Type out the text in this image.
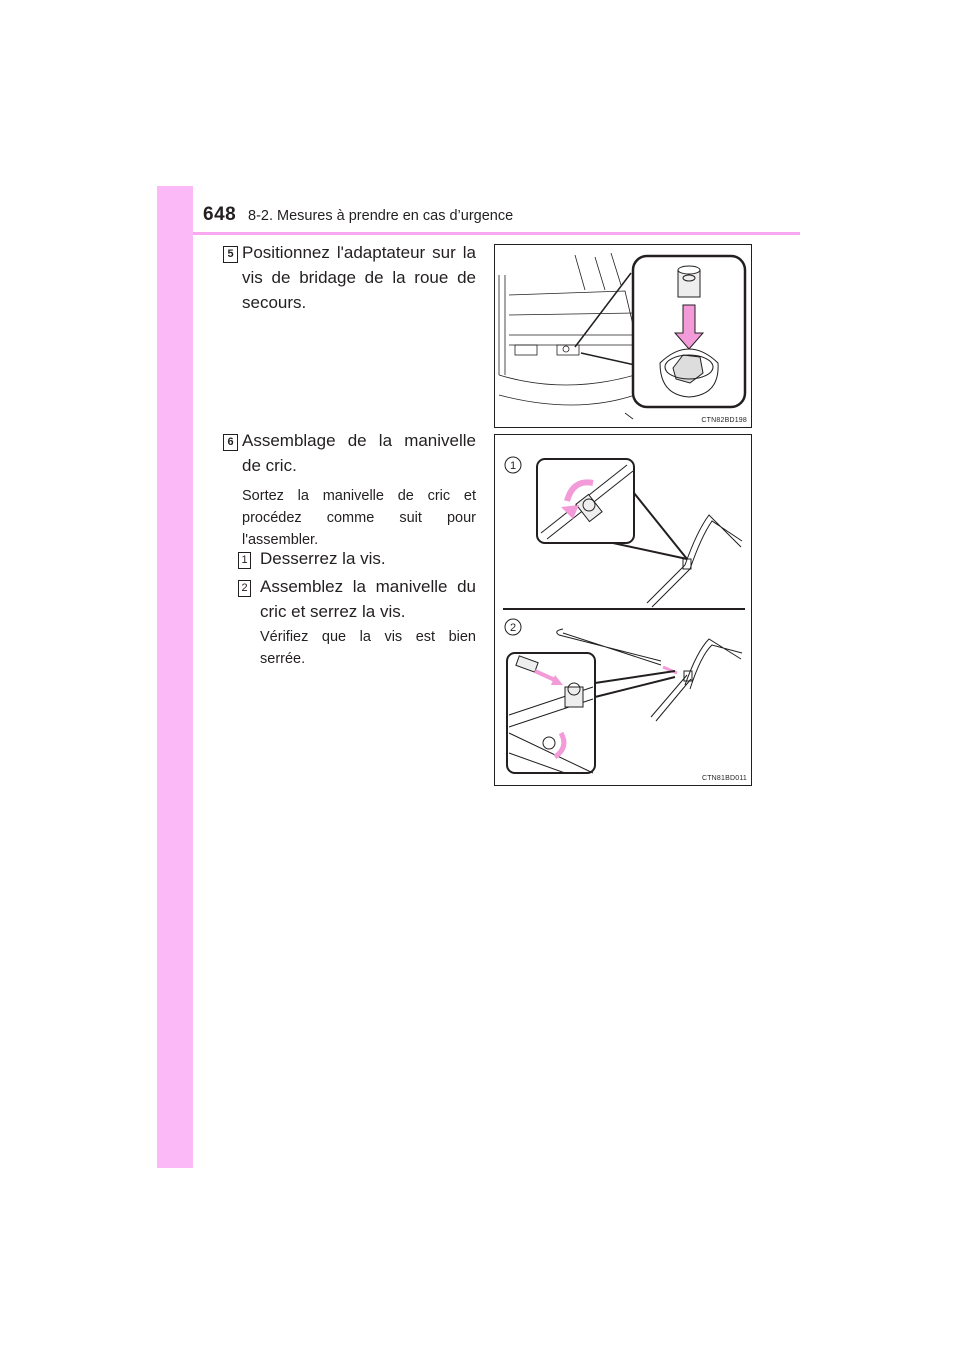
648 8-2. Mesures à prendre en cas d’urgence
5 Positionnez l'adaptateur sur la vis de bridage de la roue de secours.
CTN82BD198
6 Assemblage de la manivelle de cric.
Sortez la manivelle de cric et procédez comme suit pour l'assembler.
1 Desserrez la vis.
2 Assemblez la manivelle du cric et serrez la vis.
Vérifiez que la vis est bien serrée.
1
2
CTN81BD011
